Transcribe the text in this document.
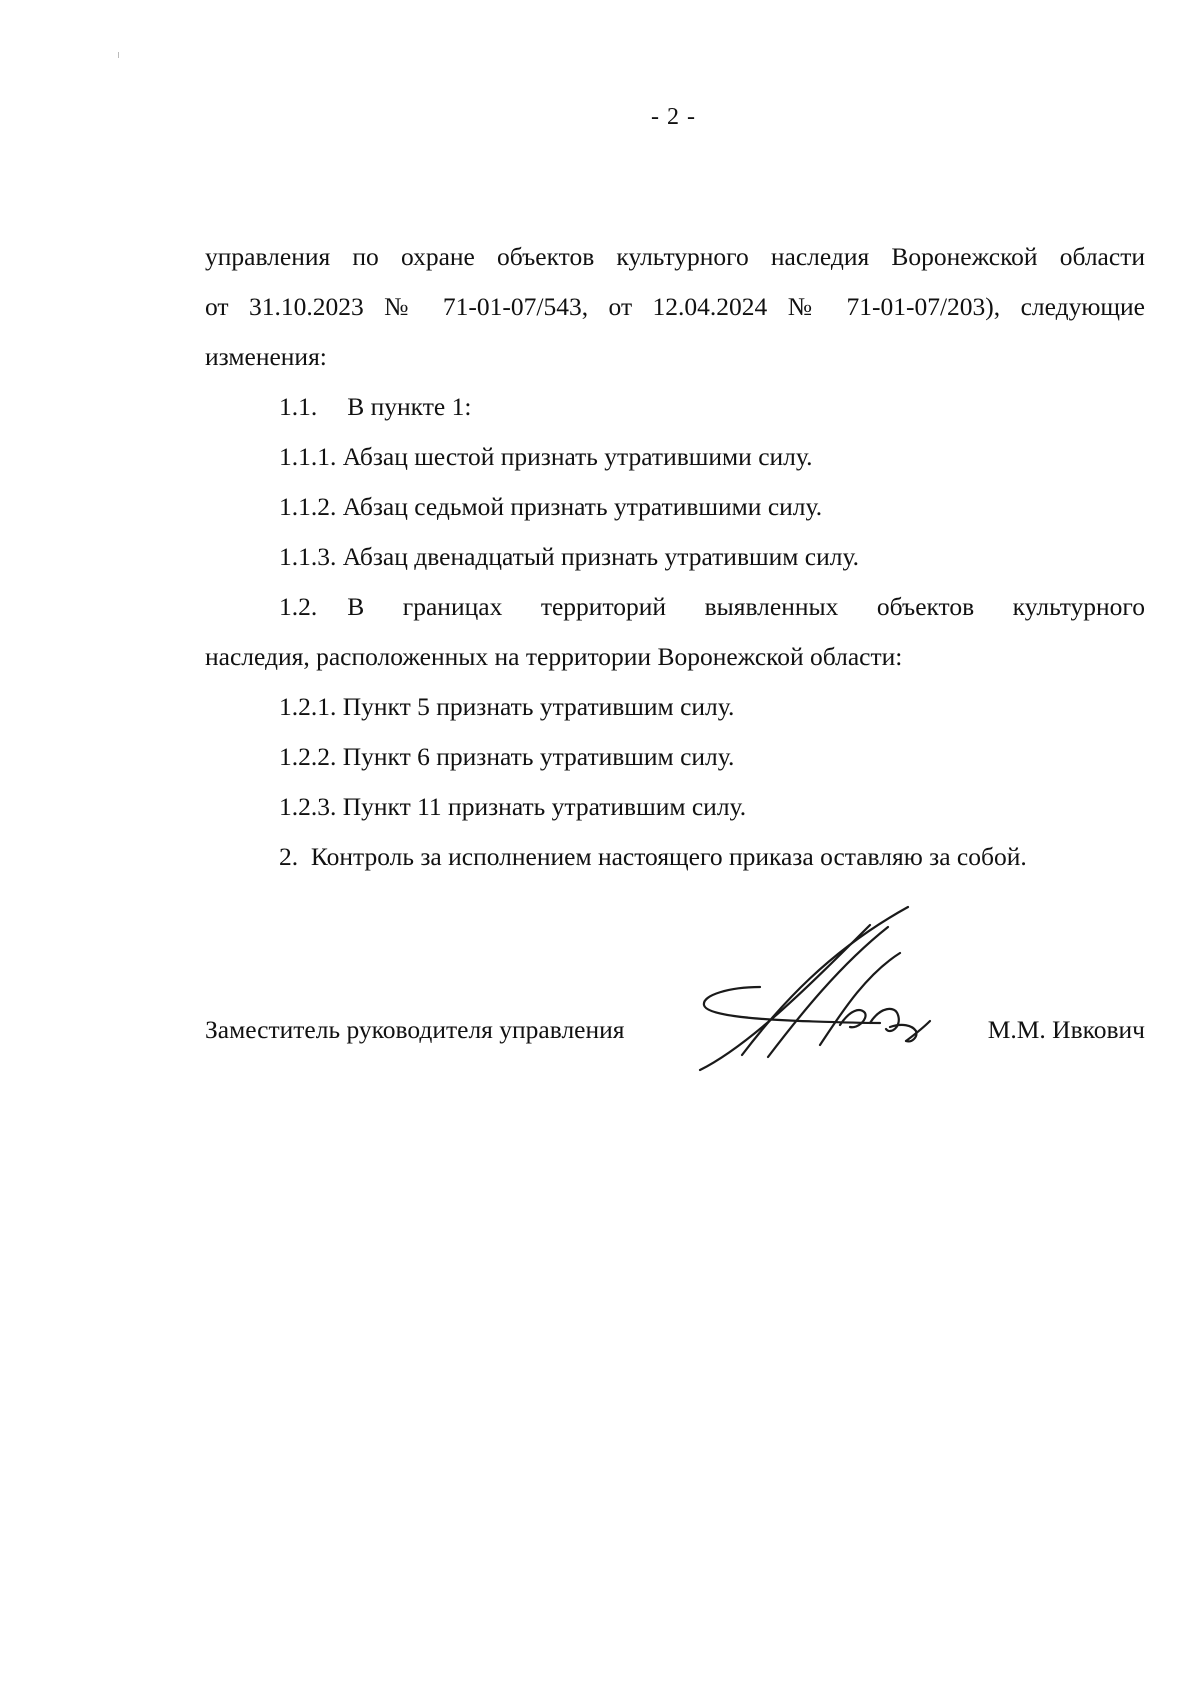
- 2 -

управления по охране объектов культурного наследия Воронежской области
от 31.10.2023 № 71-01-07/543, от 12.04.2024 № 71-01-07/203), следующие
изменения:

1.1. В пункте 1:

1.1.1. Абзац шестой признать утратившими силу.

1.1.2. Абзац седьмой признать утратившими силу.

1.1.3. Абзац двенадцатый признать утратившим силу.

1.2. В границах территорий выявленных объектов культурного
наследия, расположенных на территории Воронежской области:

1.2.1. Пункт 5 признать утратившим силу.

1.2.2. Пункт 6 признать утратившим силу.

1.2.3. Пункт 11 признать утратившим силу.

2. Контроль за исполнением настоящего приказа оставляю за собой.

Заместитель руководителя управления	М.М. Ивкович
